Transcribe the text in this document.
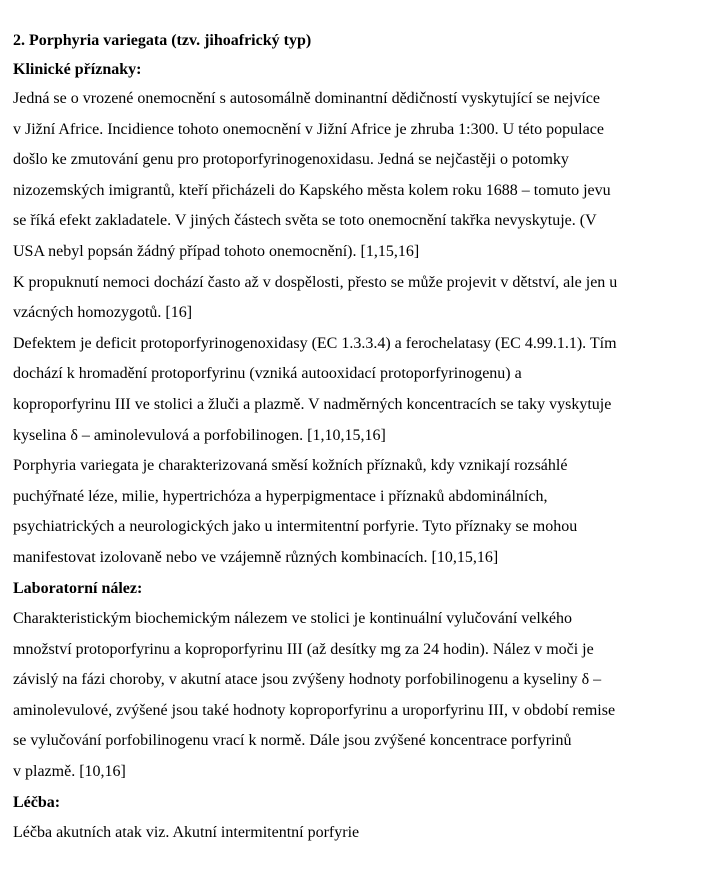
2. Porphyria variegata (tzv. jihoafrický typ)
Klinické příznaky:
Jedná se o vrozené onemocnění s autosomálně dominantní dědičností vyskytující se nejvíce
v Jižní Africe. Incidience tohoto onemocnění v Jižní Africe je zhruba 1:300. U této populace
došlo ke zmutování genu pro protoporfyrinogenoxidasu. Jedná se nejčastěji o potomky
nizozemských imigrantů, kteří přicházeli do Kapského města kolem roku 1688 – tomuto jevu
se říká efekt zakladatele. V jiných částech světa se toto onemocnění takřka nevyskytuje. (V
USA nebyl popsán žádný případ tohoto onemocnění). [1,15,16]
K propuknutí nemoci dochází často až v dospělosti, přesto se může projevit v dětství, ale jen u
vzácných homozygotů. [16]
Defektem je deficit protoporfyrinogenoxidasy (EC 1.3.3.4) a ferochelatasy (EC 4.99.1.1). Tím
dochází k hromadění protoporfyrinu (vzniká autooxidací protoporfyrinogenu) a
koproporfyrinu III ve stolici a žluči a plazmě. V nadměrných koncentracích se taky vyskytuje
kyselina δ – aminolevulová a porfobilinogen. [1,10,15,16]
Porphyria variegata je charakterizovaná směsí kožních příznaků, kdy vznikají rozsáhlé
puchýřnaté léze, milie, hypertrichóza a hyperpigmentace i příznaků abdominálních,
psychiatrických a neurologických jako u intermitentní porfyrie. Tyto příznaky se mohou
manifestovat izolovaně nebo ve vzájemně různých kombinacích. [10,15,16]
Laboratorní nález:
Charakteristickým biochemickým nálezem ve stolici je kontinuální vylučování velkého
množství protoporfyrinu a koproporfyrinu III (až desítky mg za 24 hodin). Nález v moči je
závislý na fázi choroby, v akutní atace jsou zvýšeny hodnoty porfobilinogenu a kyseliny δ –
aminolevulové, zvýšené jsou také hodnoty koproporfyrinu a uroporfyrinu III, v období remise
se vylučování porfobilinogenu vrací k normě. Dále jsou zvýšené koncentrace porfyrinů
v plazmě. [10,16]
Léčba:
Léčba akutních atak viz. Akutní intermitentní porfyrie
